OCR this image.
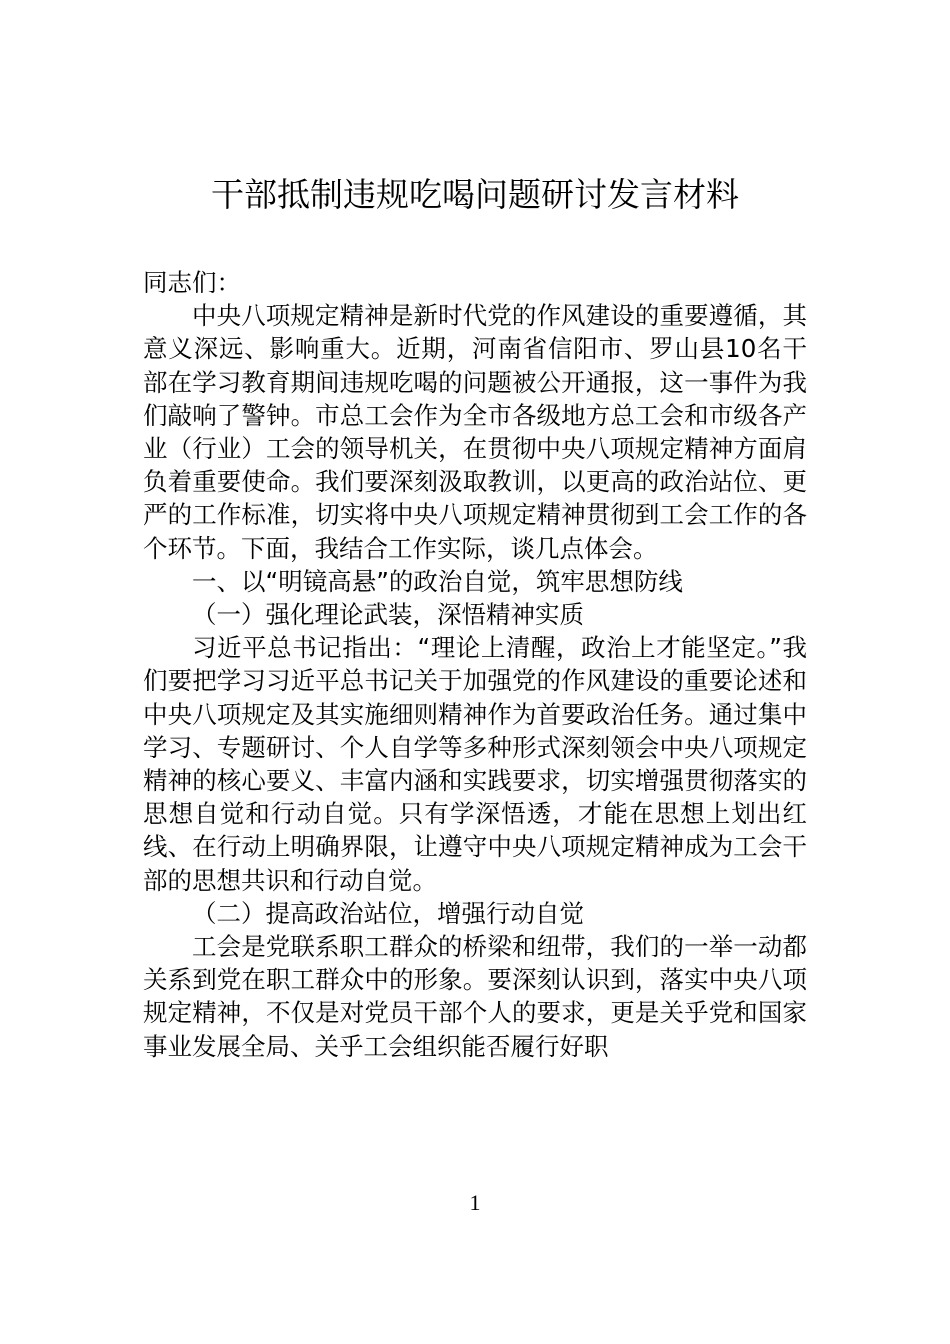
干部抵制违规吃喝问题研讨发言材料

同志们：

中央八项规定精神是新时代党的作风建设的重要遵循，其意义深远、影响重大。近期，河南省信阳市、罗山县10名干部在学习教育期间违规吃喝的问题被公开通报，这一事件为我们敲响了警钟。市总工会作为全市各级地方总工会和市级各产业（行业）工会的领导机关，在贯彻中央八项规定精神方面肩负着重要使命。我们要深刻汲取教训，以更高的政治站位、更严的工作标准，切实将中央八项规定精神贯彻到工会工作的各个环节。下面，我结合工作实际，谈几点体会。

一、以“明镜高悬”的政治自觉，筑牢思想防线

（一）强化理论武装，深悟精神实质

习近平总书记指出：“理论上清醒，政治上才能坚定。”我们要把学习习近平总书记关于加强党的作风建设的重要论述和中央八项规定及其实施细则精神作为首要政治任务。通过集中学习、专题研讨、个人自学等多种形式深刻领会中央八项规定精神的核心要义、丰富内涵和实践要求，切实增强贯彻落实的思想自觉和行动自觉。只有学深悟透，才能在思想上划出红线、在行动上明确界限，让遵守中央八项规定精神成为工会干部的思想共识和行动自觉。

（二）提高政治站位，增强行动自觉

工会是党联系职工群众的桥梁和纽带，我们的一举一动都关系到党在职工群众中的形象。要深刻认识到，落实中央八项规定精神，不仅是对党员干部个人的要求，更是关乎党和国家事业发展全局、关乎工会组织能否履行好职

1
